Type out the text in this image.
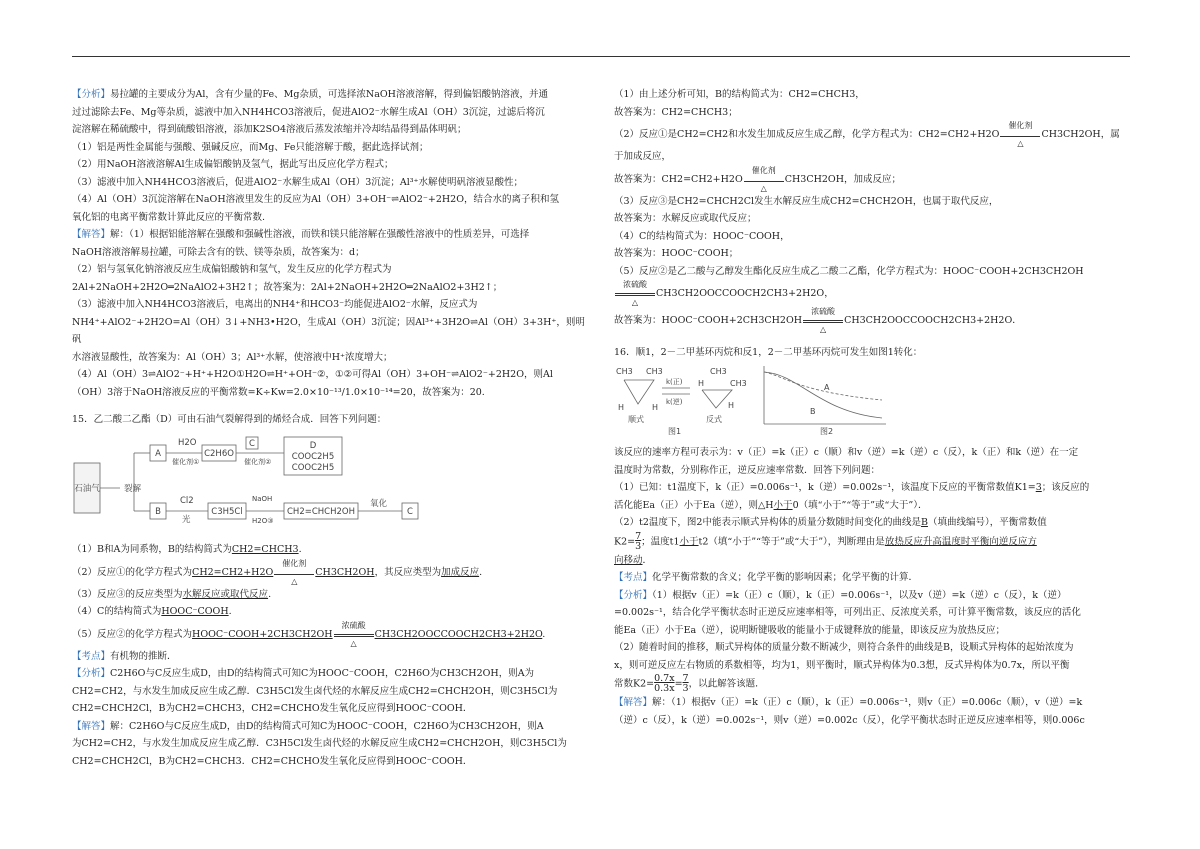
【分析】易拉罐的主要成分为Al，含有少量的Fe、Mg杂质，可选择浓NaOH溶液溶解，得到偏铝酸钠溶液，并通

过过滤除去Fe、Mg等杂质，滤液中加入NH4HCO3溶液后，促进AlO2⁻水解生成Al（OH）3沉淀，过滤后将沉

淀溶解在稀硫酸中，得到硫酸铝溶液，添加K2SO4溶液后蒸发浓缩并冷却结晶得到晶体明矾；

（1）铝是两性金属能与强酸、强碱反应，而Mg、Fe只能溶解于酸，据此选择试剂；

（2）用NaOH溶液溶解Al生成偏铝酸钠及氢气，据此写出反应化学方程式；

（3）滤液中加入NH4HCO3溶液后，促进AlO2⁻水解生成Al（OH）3沉淀；Al³⁺水解使明矾溶液显酸性；

（4）Al（OH）3沉淀溶解在NaOH溶液里发生的反应为Al（OH）3+OH⁻⇌AlO2⁻+2H2O，结合水的离子积和氢

氧化铝的电离平衡常数计算此反应的平衡常数.

【解答】解：（1）根据铝能溶解在强酸和强碱性溶液，而铁和镁只能溶解在强酸性溶液中的性质差异，可选择

NaOH溶液溶解易拉罐，可除去含有的铁、镁等杂质，故答案为：d；

（2）铝与氢氧化钠溶液反应生成偏铝酸钠和氢气，发生反应的化学方程式为

2Al+2NaOH+2H2O═2NaAlO2+3H2↑；故答案为：2Al+2NaOH+2H2O═2NaAlO2+3H2↑；

（3）滤液中加入NH4HCO3溶液后，电离出的NH4⁺和HCO3⁻均能促进AlO2⁻水解，反应式为

NH4⁺+AlO2⁻+2H2O=Al（OH）3↓+NH3•H2O，生成Al（OH）3沉淀；因Al³⁺+3H2O⇌Al（OH）3+3H⁺，则明矾

水溶液显酸性，故答案为：Al（OH）3；Al³⁺水解，使溶液中H⁺浓度增大；

（4）Al（OH）3⇌AlO2⁻+H⁺+H2O①H2O⇌H⁺+OH⁻②，①②可得Al（OH）3+OH⁻⇌AlO2⁻+2H2O，则Al

（OH）3溶于NaOH溶液反应的平衡常数=K÷Kw=2.0×10⁻¹³/1.0×10⁻¹⁴=20，故答案为：20.

15．乙二酸二乙酯（D）可由石油气裂解得到的烯烃合成．回答下列问题：

石油气	裂解
A
B
H2O
催化剂①
C2H6O
C
催化剂②
D
COOC2H5
COOC2H5
Cl2
光
C3H5Cl
NaOH
H2O③
CH2=CHCH2OH
氧化
C

（1）B和A为同系物，B的结构简式为CH2=CHCH3.

（2）反应①的化学方程式为CH2=CH2+H2O催化剂

△CH3CH2OH，其反应类型为加成反应.

（3）反应③的反应类型为水解反应或取代反应.

（4）C的结构简式为HOOC⁻COOH.

（5）反应②的化学方程式为HOOC⁻COOH+2CH3CH2OH浓硫酸

△CH3CH2OOCCOOCH2CH3+2H2O.

【考点】有机物的推断．

【分析】C2H6O与C反应生成D，由D的结构简式可知C为HOOC⁻COOH，C2H6O为CH3CH2OH，则A为

CH2=CH2，与水发生加成反应生成乙醇．C3H5Cl发生卤代烃的水解反应生成CH2=CHCH2OH，则C3H5Cl为

CH2=CHCH2Cl，B为CH2=CHCH3，CH2=CHCHO发生氧化反应得到HOOC⁻COOH．

【解答】解：C2H6O与C反应生成D，由D的结构简式可知C为HOOC⁻COOH，C2H6O为CH3CH2OH，则A

为CH2=CH2，与水发生加成反应生成乙醇．C3H5Cl发生卤代烃的水解反应生成CH2=CHCH2OH，则C3H5Cl为

CH2=CHCH2Cl，B为CH2=CHCH3．CH2=CHCHO发生氧化反应得到HOOC⁻COOH．

（1）由上述分析可知，B的结构简式为：CH2=CHCH3，

故答案为：CH2=CHCH3；

（2）反应①是CH2=CH2和水发生加成反应生成乙醇，化学方程式为：CH2=CH2+H2O催化剂

△CH3CH2OH，属

于加成反应，

故答案为：CH2=CH2+H2O催化剂

△CH3CH2OH，加成反应；

（3）反应③是CH2=CHCH2Cl发生水解反应生成CH2=CHCH2OH，也属于取代反应，

故答案为：水解反应或取代反应；

（4）C的结构简式为：HOOC⁻COOH，

故答案为：HOOC⁻COOH；

（5）反应②是乙二酸与乙醇发生酯化反应生成乙二酸二乙酯，化学方程式为：HOOC⁻COOH+2CH3CH2OH

浓硫酸

△CH3CH2OOCCOOCH2CH3+2H2O，

故答案为：HOOC⁻COOH+2CH3CH2OH浓硫酸

△CH3CH2OOCCOOCH2CH3+2H2O．

16．顺1，2－二甲基环丙烷和反1，2－二甲基环丙烷可发生如图1转化：

CH3 CH3
H	H
顺式
k(正)
k(逆)
CH3
H	CH3
H
反式
图1
A
B
图2

该反应的速率方程可表示为：v（正）=k（正）c（顺）和v（逆）=k（逆）c（反），k（正）和k（逆）在一定

温度时为常数，分别称作正，逆反应速率常数．回答下列问题：

（1）已知：t1温度下，k（正）=0.006s⁻¹，k（逆）=0.002s⁻¹，该温度下反应的平衡常数值K1=3；该反应的

活化能Ea（正）小于Ea（逆），则△H小于0（填“小于”“等于”或“大于”）．

（2）t2温度下，图2中能表示顺式异构体的质量分数随时间变化的曲线是B（填曲线编号），平衡常数值

$K2=\frac{7}{3}$；温度t1小于t2（填“小于”“等于”或“大于”），判断理由是放热反应升高温度时平衡向逆反应方

向移动．

【考点】化学平衡常数的含义；化学平衡的影响因素；化学平衡的计算．

【分析】（1）根据v（正）=k（正）c（顺），k（正）=0.006s⁻¹，以及v（逆）=k（逆）c（反），k（逆）

=0.002s⁻¹，结合化学平衡状态时正逆反应速率相等，可列出正、反浓度关系，可计算平衡常数，该反应的活化

能Ea（正）小于Ea（逆），说明断键吸收的能量小于成键释放的能量，即该反应为放热反应；

（2）随着时间的推移，顺式异构体的质量分数不断减少，则符合条件的曲线是B，设顺式异构体的起始浓度为

x，则可逆反应左右物质的系数相等，均为1，则平衡时，顺式异构体为0.3想，反式异构体为0.7x，所以平衡

常数$K2=\frac{0.7x}{0.3x}=\frac{7}{3}$，以此解答该题．

【解答】解：（1）根据v（正）=k（正）c（顺），k（正）=0.006s⁻¹，则v（正）=0.006c（顺），v（逆）=k

（逆）c（反），k（逆）=0.002s⁻¹，则v（逆）=0.002c（反），化学平衡状态时正逆反应速率相等，则0.006c
